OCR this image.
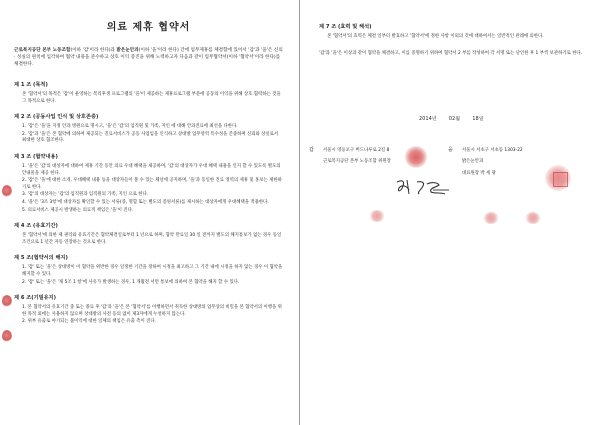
의료 제휴 협약서
근로복지공단 본부 노동조합(이하 '갑'이라 한다)과 밝은눈안과(이하 '을'이라 한다) 간에 업무제휴를 체결함에 있어서 '갑'과 '을'은 신의 · 성실의 원칙에 입각하여 협약 내용을 준수하고 상호 이익 증진을 위해 노력하고자 다음과 같이 업무협약서(이하 '협약서'이라 한다)를 체결한다.
제 1 조 (목적)
본 '협약서'의 목적은 '갑'이 운영하는 복리후생 프로그램의 '을'이 제공하는 제휴프로그램 부분에 공동의 이익을 위해 상호 협력하는 것을 그 목적으로 한다.
제 2 조 (공동사업 인식 및 상호존중)
1. '갑'은 '을'을 지정 안과 병원으로 명시고, '을'은 '갑'의 임직원 및 가족, 지인 에 대해 안과진료에 최선을 다한다.
2. '갑'과 '을'은 본 협약에 의하여 제공되는 진료서비스가 공동 사업임을 인식하고 상대방 업무영역 특수성을 존중하며 신뢰와 상실로서 최대한 상호 협조한다.
제 3 조 (협약내용)
1. '을'은 '갑'의 대상자에 대하여 제휴 기간 동안 의료 우대 혜택을 제공하며, '갑'의 대상자가 우대 혜택 내용을 인지 할 수 있도록 별도의 안내물을 제공 한다.
2. '갑'은 '을'에 대한 소개, 우대혜택 내용 등을 대상자들이 볼 수 있는 채널에 공지하며, '을'과 동일한 진료 영역의 제휴 및 홍보는 제한하기로 한다.
3. '갑'의 대상자는 '갑'의 임직원과 임직원의 가족, 지인 으로 한다.
4. '을'은 '3조 3항'에 대상자를 확인할 수 있는 서류(증, 명함 또는 별도의 증빙서류)를 제시하는 대상자에게 우대혜택을 적용한다.
5. 의료서비스 제공시 발생하는 의료적 책임은 '을'이 진다.
제 4 조 (유효기간)
본 '협약서'에 의한 제 권리와 유효기간은 협약체결일로부터 1 년으로 하며, 협약 만료일 30 일 전까지 별도의 해지통보가 없는 경우 동일 조건으로 1 년간 자동 연장하는 것으로 한다.
제 5 조(협약서의 해지)
1. '갑' 또는 '을'은 상대방이 이 협약을 위반한 경우 일정한 기간을 정하여 시정을 최고하고 그 기간 내에 시정을 하지 않는 경우 이 협약을 해지할 수 있다.
2. '갑' 또는 '을'은 '제 5조 1 항'에 사유가 발생하는 경우, 1 개월전 서면 통보에 의하여 본 협약을 해지 할 수 있다.
제 6 조(기밀유지)
1. 본 협약서의 유효기간 중 또는 종료 후 '갑'과 '을'은 본 '협약서'를 이행하면서 취득한 상대방의 업무상의 비밀을 본 협약서의 이행을 위한 목적 외에는 사용하지 않으며 상대방의 사전 동의 없이 제3자에게 누설하지 않는다.
2. 위부 유출로 야기되는 불이익에 대한 일체의 책임은 유출 측이 진다.
제 7 조 (효력 및 해석)
본 '협약서'의 효력은 체결 일부터 발효하고 '협약서'에 정한 사항 이외의 것에 대하여서는 일반적인 관례에 의한다.
'갑'과 '을'은 이상과 같이 협약을 체결하고, 이를 증명하기 위하여 협약서 2 부를 작성하여 각 서명 또는 날인한 후 1 부씩 보관하기로 한다.
2014년	02월	18일
갑 서울시 영등포구 버드나루로 2길 8
근로복지공단 본부 노동조합 위원장
을 서울시 서초구 서초동 1303-22
밝은눈안과
대표원장 박 세 광
